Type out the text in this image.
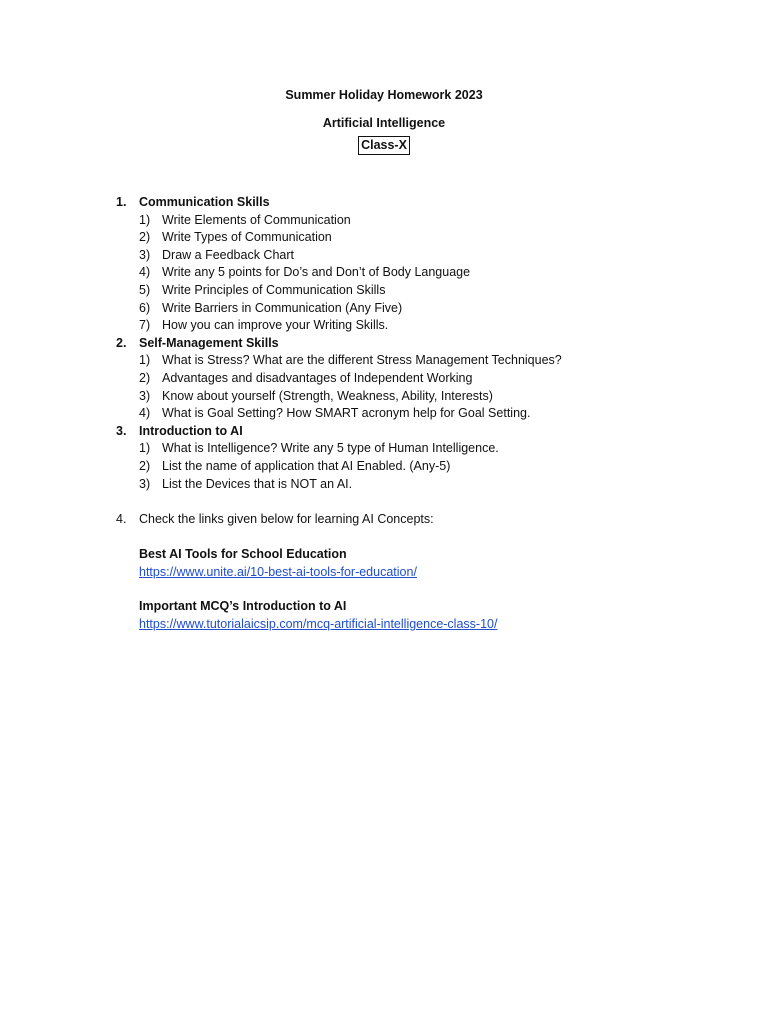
Summer Holiday Homework 2023
Artificial Intelligence
Class-X
1. Communication Skills
1) Write Elements of Communication
2) Write Types of Communication
3) Draw a Feedback Chart
4) Write any 5 points for Do’s and Don’t of Body Language
5) Write Principles of Communication Skills
6) Write Barriers in Communication (Any Five)
7) How you can improve your Writing Skills.
2. Self-Management Skills
1) What is Stress? What are the different Stress Management Techniques?
2) Advantages and disadvantages of Independent Working
3) Know about yourself (Strength, Weakness, Ability, Interests)
4) What is Goal Setting? How SMART acronym help for Goal Setting.
3. Introduction to AI
1) What is Intelligence? Write any 5 type of Human Intelligence.
2) List the name of application that AI Enabled. (Any-5)
3) List the Devices that is NOT an AI.
4. Check the links given below for learning AI Concepts:
Best AI Tools for School Education
https://www.unite.ai/10-best-ai-tools-for-education/
Important MCQ’s Introduction to AI
https://www.tutorialaicsip.com/mcq-artificial-intelligence-class-10/
